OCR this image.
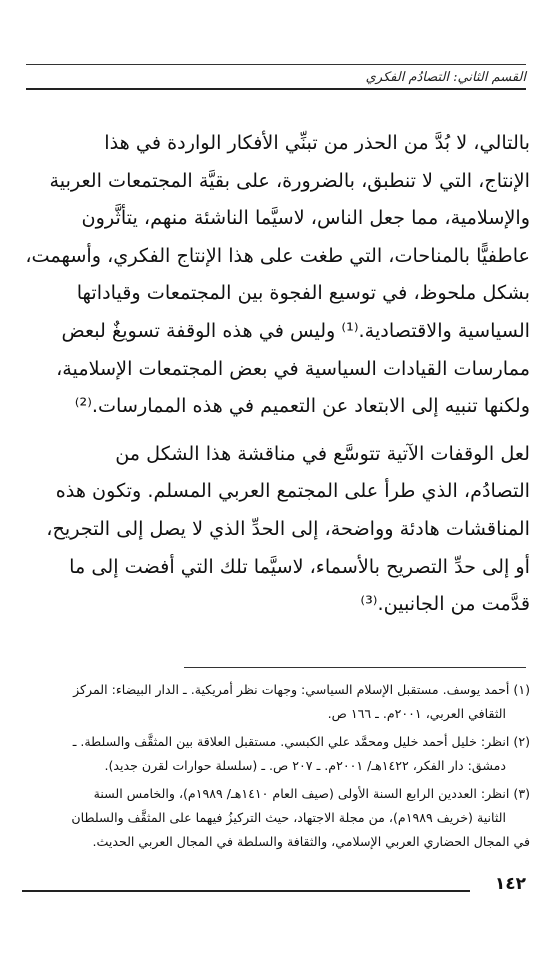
القسم الثاني: التصادُم الفكري

بالتالي، لا بُدَّ من الحذر من تبنِّي الأفكار الواردة في هذا
الإنتاج، التي لا تنطبق، بالضرورة، على بقيَّة المجتمعات العربية
والإسلامية، مما جعل الناس، لاسيَّما الناشئة منهم، يتأثَّرون
عاطفيًّا بالمناحات، التي طغت على هذا الإنتاج الفكري، وأسهمت،
بشكل ملحوظ، في توسيع الفجوة بين المجتمعات وقياداتها
السياسية والاقتصادية.⁽¹⁾ وليس في هذه الوقفة تسويغٌ لبعض
ممارسات القيادات السياسية في بعض المجتمعات الإسلامية،
ولكنها تنبيه إلى الابتعاد عن التعميم في هذه الممارسات.⁽²⁾

لعل الوقفات الآتية تتوسَّع في مناقشة هذا الشكل من
التصادُم، الذي طرأ على المجتمع العربي المسلم. وتكون هذه
المناقشات هادئة وواضحة، إلى الحدِّ الذي لا يصل إلى التجريح،
أو إلى حدِّ التصريح بالأسماء، لاسيَّما تلك التي أفضت إلى ما
قدَّمت من الجانبين.⁽³⁾

(١) أحمد يوسف. مستقبل الإسلام السياسي: وجهات نظر أمريكية. ـ الدار البيضاء: المركز
الثقافي العربي، ٢٠٠١م. ـ ١٦٦ ص.

(٢) انظر: خليل أحمد خليل ومحمَّد علي الكبسي. مستقبل العلاقة بين المثقَّف والسلطة. ـ
دمشق: دار الفكر، ١٤٢٢هـ/ ٢٠٠١م. ـ ٢٠٧ ص. ـ (سلسلة حوارات لقرن جديد).

(٣) انظر: العددين الرابع السنة الأولى (صيف العام ١٤١٠هـ/ ١٩٨٩م)، والخامس السنة
الثانية (خريف ١٩٨٩م)، من مجلة الاجتهاد، حيث التركيزُ فيهما على المثقَّف والسلطان
في المجال الحضاري العربي الإسلامي، والثقافة والسلطة في المجال العربي الحديث.

١٤٢
